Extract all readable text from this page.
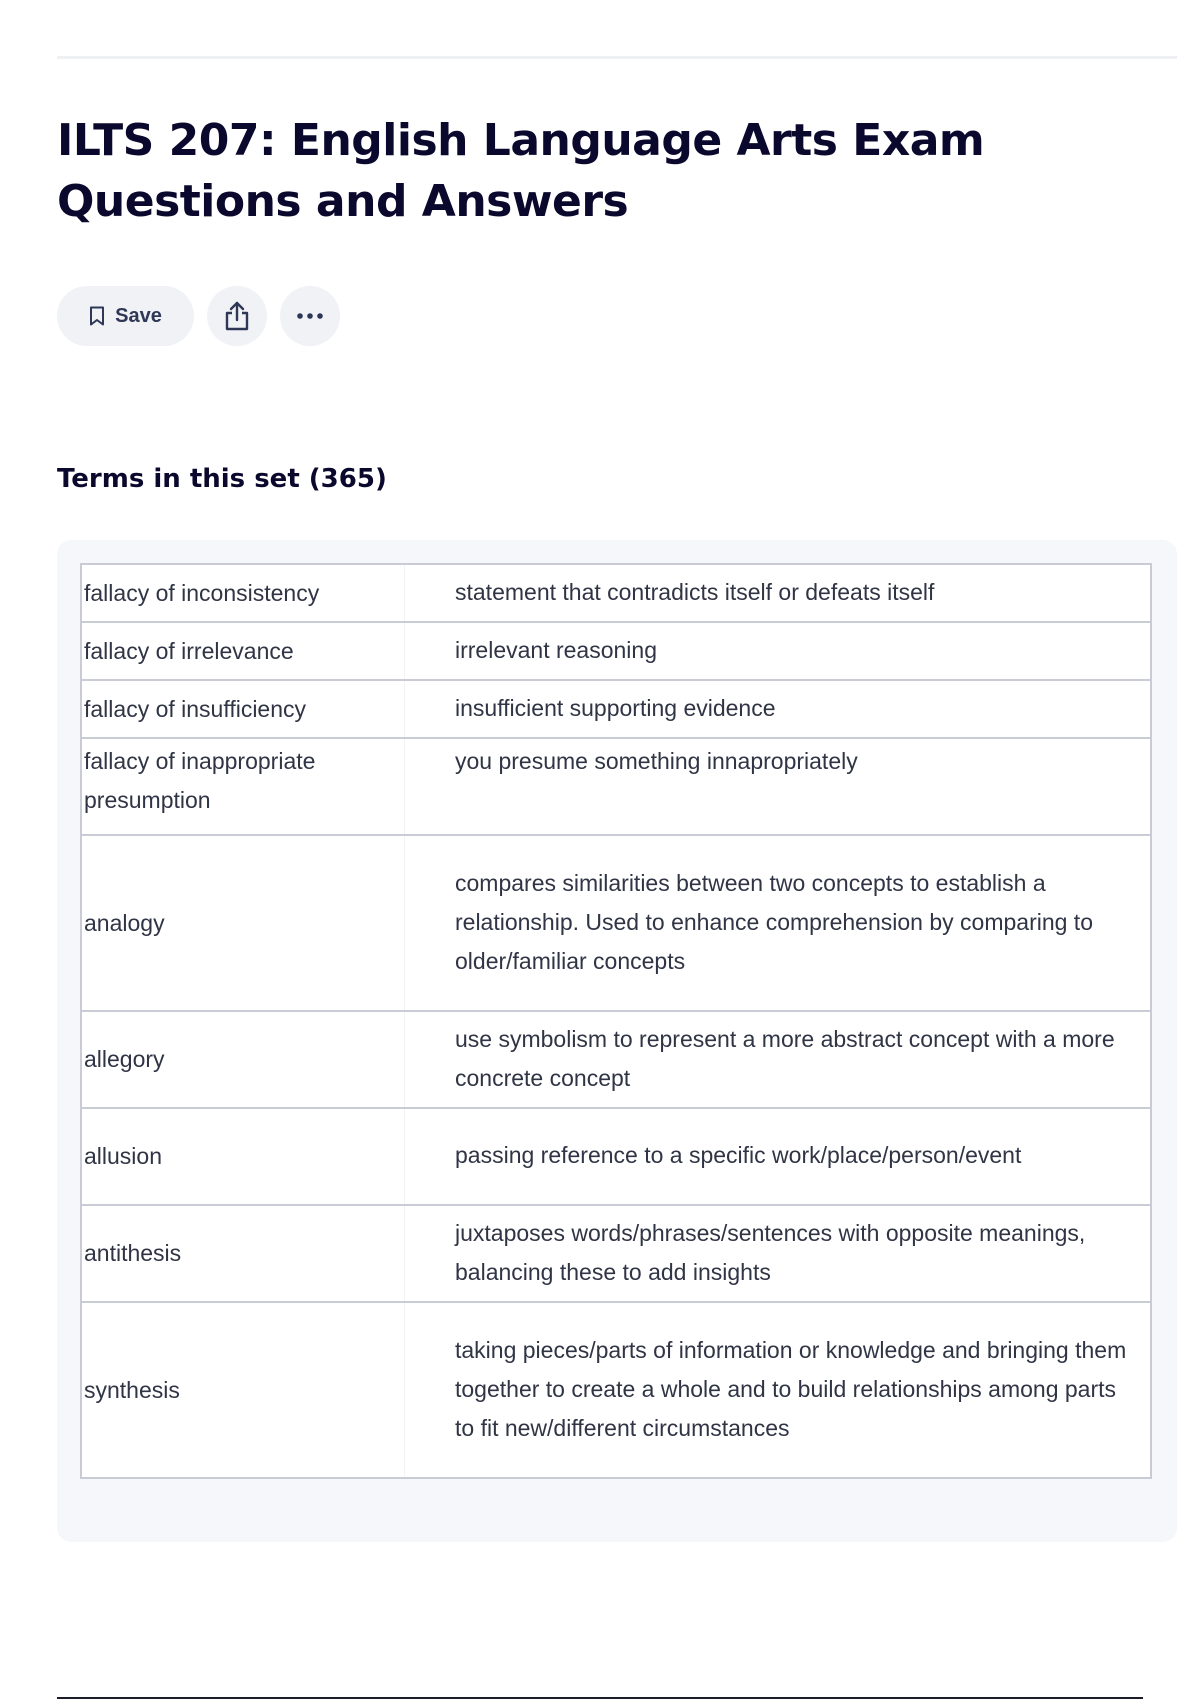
ILTS 207: English Language Arts Exam Questions and Answers
Save
Terms in this set (365)
fallacy of inconsistency	statement that contradicts itself or defeats itself
fallacy of irrelevance	irrelevant reasoning
fallacy of insufficiency	insufficient supporting evidence
fallacy of inappropriate presumption	you presume something innapropriately
analogy	compares similarities between two concepts to establish a relationship. Used to enhance comprehension by comparing to older/familiar concepts
allegory	use symbolism to represent a more abstract concept with a more concrete concept
allusion	passing reference to a specific work/place/person/event
antithesis	juxtaposes words/phrases/sentences with opposite meanings, balancing these to add insights
synthesis	taking pieces/parts of information or knowledge and bringing them together to create a whole and to build relationships among parts to fit new/different circumstances
